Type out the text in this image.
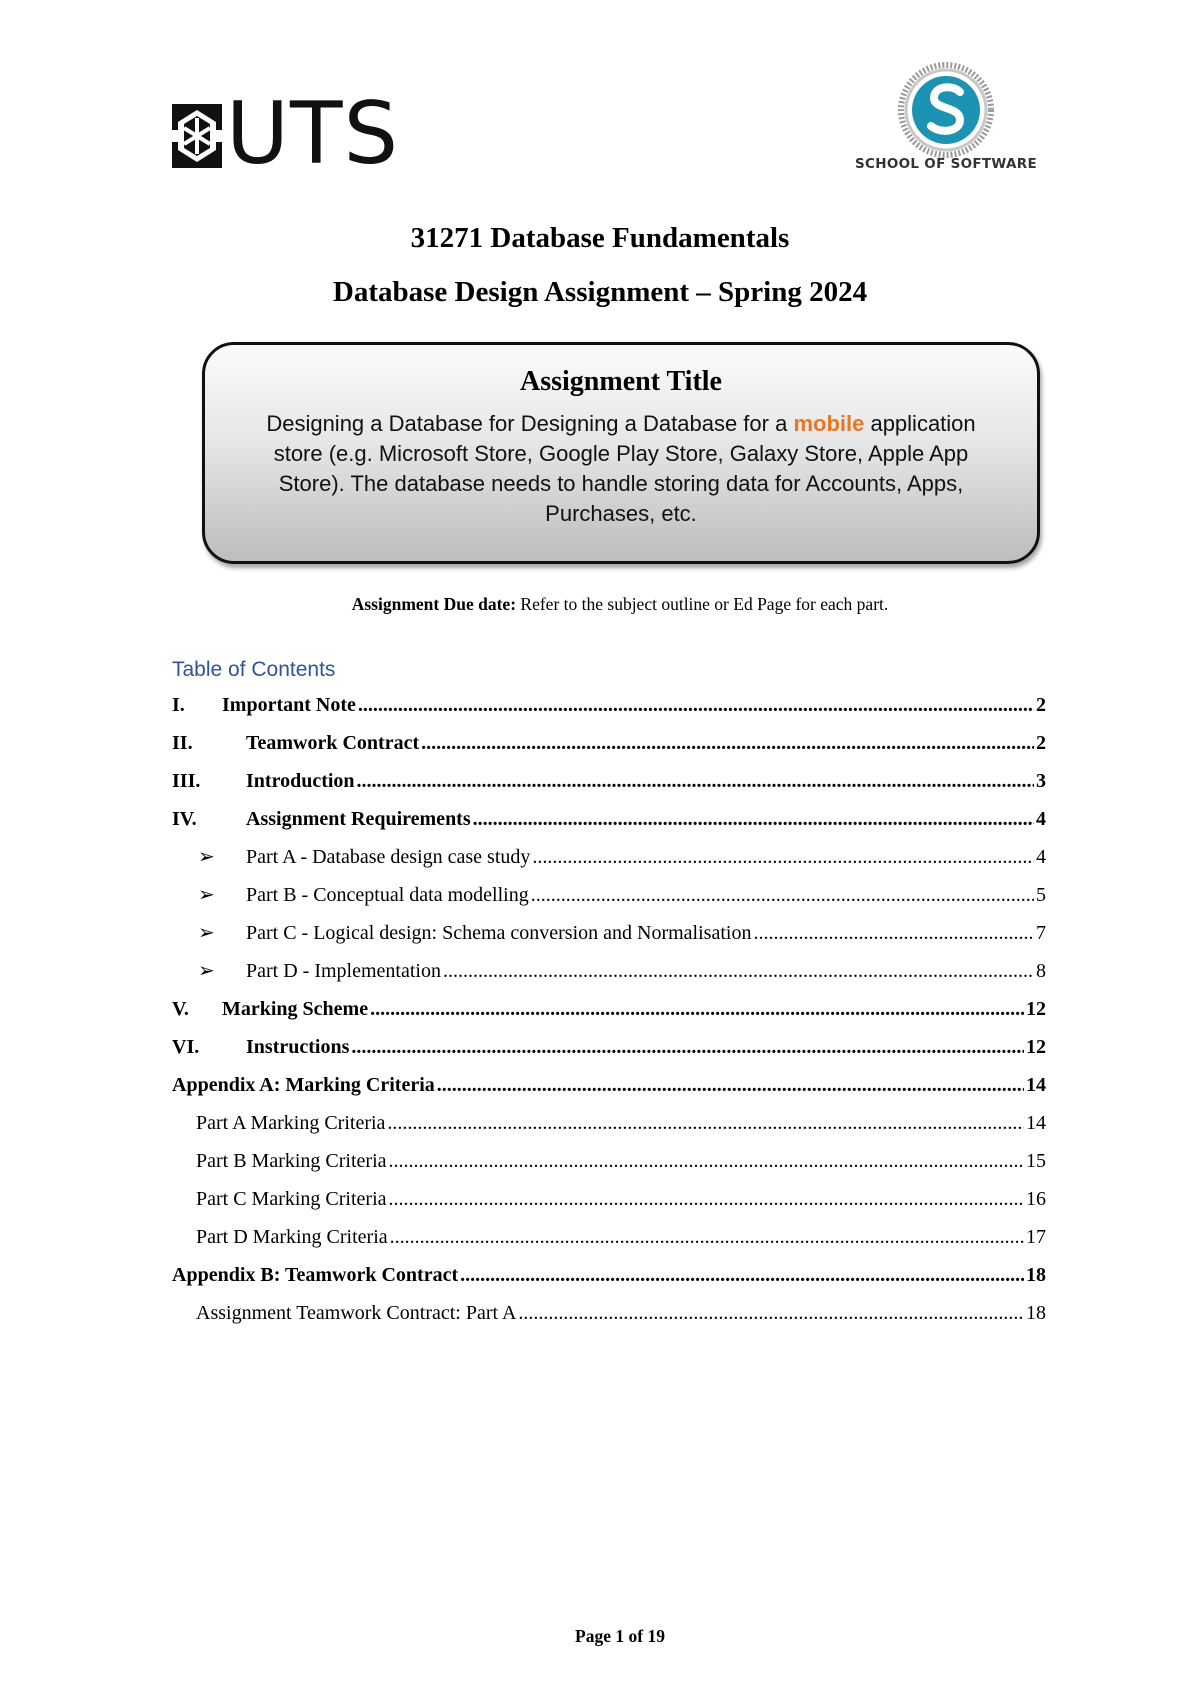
UTS	SCHOOL OF SOFTWARE
31271 Database Fundamentals
Database Design Assignment – Spring 2024
Assignment Title
Designing a Database for Designing a Database for a mobile application store (e.g. Microsoft Store, Google Play Store, Galaxy Store, Apple App Store). The database needs to handle storing data for Accounts, Apps, Purchases, etc.
Assignment Due date: Refer to the subject outline or Ed Page for each part.
Table of Contents
I.	Important Note .....	2
II.	Teamwork Contract .....	2
III.	Introduction .....	3
IV.	Assignment Requirements .....	4
➢	Part A - Database design case study .....	4
➢	Part B - Conceptual data modelling .....	5
➢	Part C - Logical design: Schema conversion and Normalisation .....	7
➢	Part D - Implementation .....	8
V.	Marking Scheme .....	12
VI.	Instructions .....	12
Appendix A: Marking Criteria .....	14
Part A Marking Criteria .....	14
Part B Marking Criteria .....	15
Part C Marking Criteria .....	16
Part D Marking Criteria .....	17
Appendix B: Teamwork Contract .....	18
Assignment Teamwork Contract: Part A .....	18
Page 1 of 19
